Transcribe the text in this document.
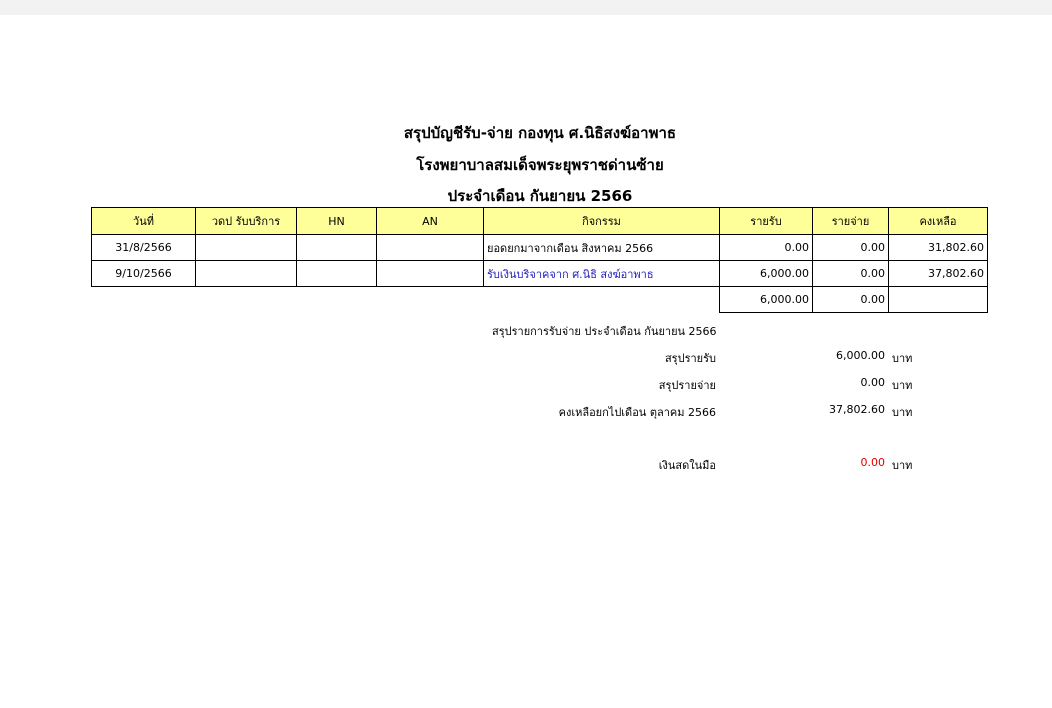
สรุปบัญชีรับ-จ่าย กองทุน ศ.นิธิสงฆ์อาพาธ
โรงพยาบาลสมเด็จพระยุพราชด่านซ้าย
ประจำเดือน กันยายน 2566
วันที่	วดป รับบริการ	HN	AN	กิจกรรม	รายรับ	รายจ่าย	คงเหลือ
31/8/2566				ยอดยกมาจากเดือน สิงหาคม 2566	0.00	0.00	31,802.60
9/10/2566				รับเงินบริจาคจาก ศ.นิธิ สงฆ์อาพาธ	6,000.00	0.00	37,802.60
					6,000.00	0.00	
สรุปรายการรับจ่าย ประจำเดือน กันยายน 2566
สรุปรายรับ	6,000.00 บาท
สรุปรายจ่าย	0.00 บาท
คงเหลือยกไปเดือน ตุลาคม 2566	37,802.60 บาท
เงินสดในมือ	0.00 บาท
